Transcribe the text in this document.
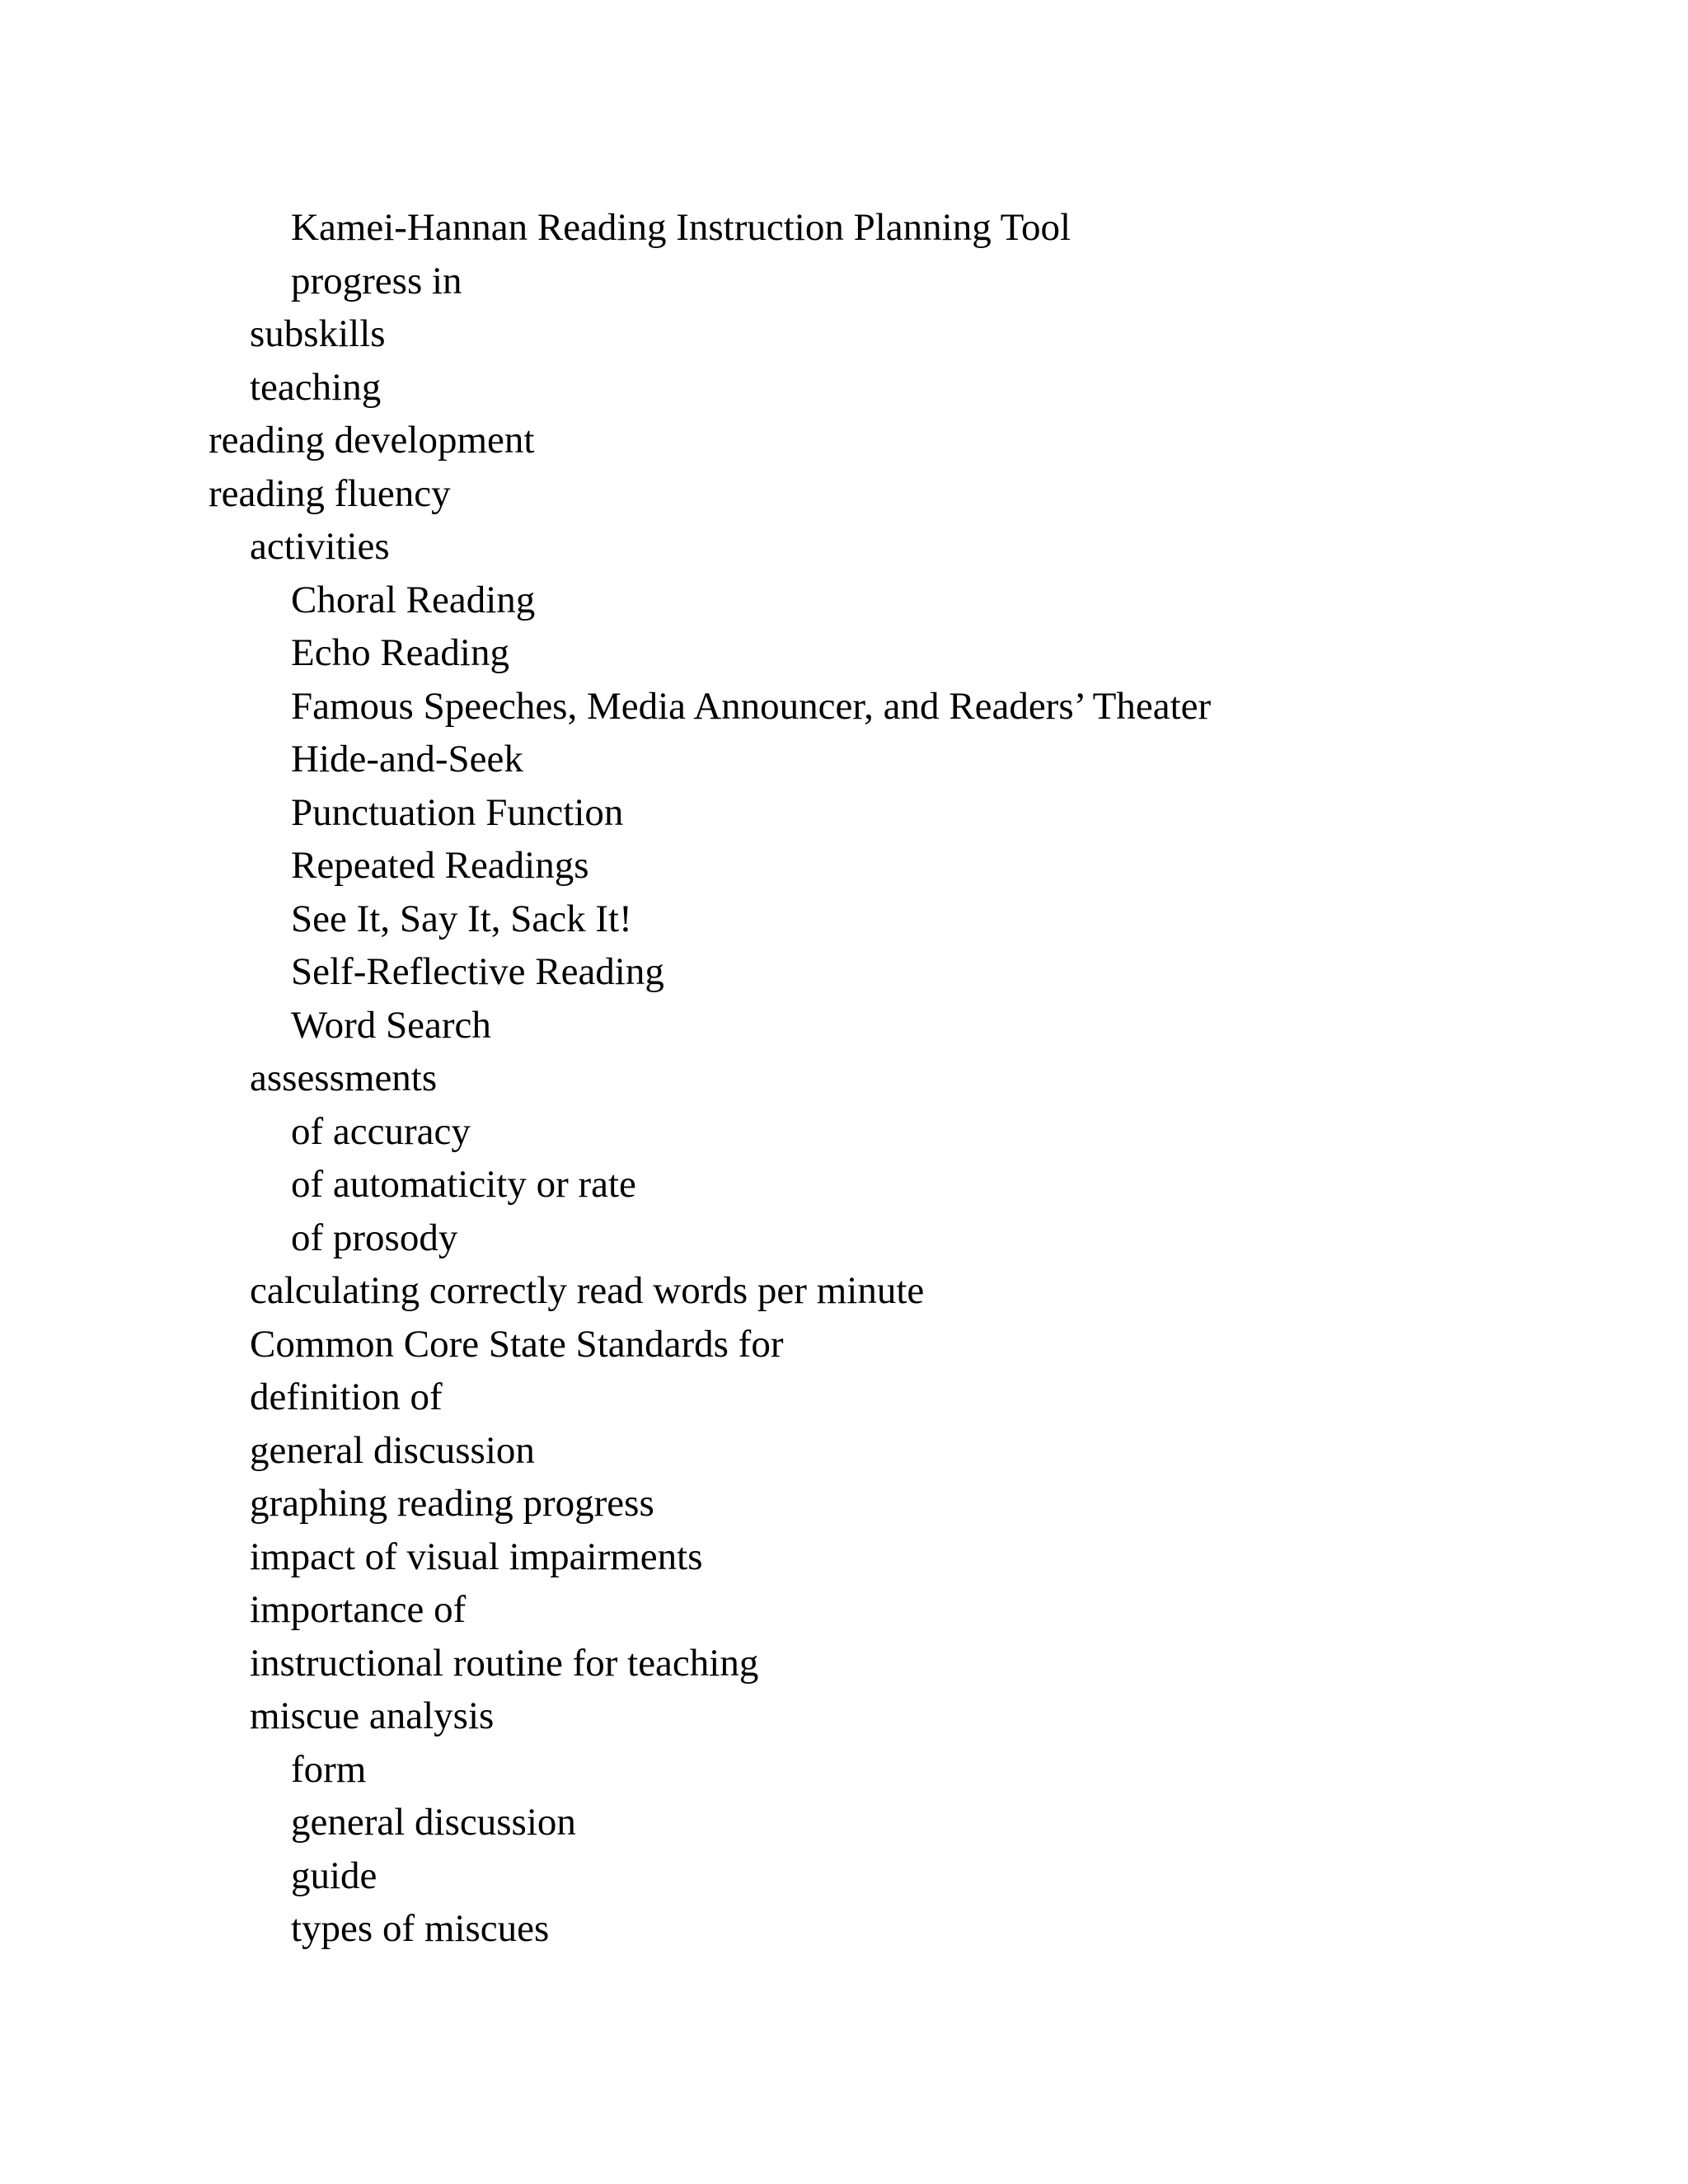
Kamei-Hannan Reading Instruction Planning Tool
progress in
subskills
teaching
reading development
reading fluency
activities
Choral Reading
Echo Reading
Famous Speeches, Media Announcer, and Readers’ Theater
Hide-and-Seek
Punctuation Function
Repeated Readings
See It, Say It, Sack It!
Self-Reflective Reading
Word Search
assessments
of accuracy
of automaticity or rate
of prosody
calculating correctly read words per minute
Common Core State Standards for
definition of
general discussion
graphing reading progress
impact of visual impairments
importance of
instructional routine for teaching
miscue analysis
form
general discussion
guide
types of miscues
